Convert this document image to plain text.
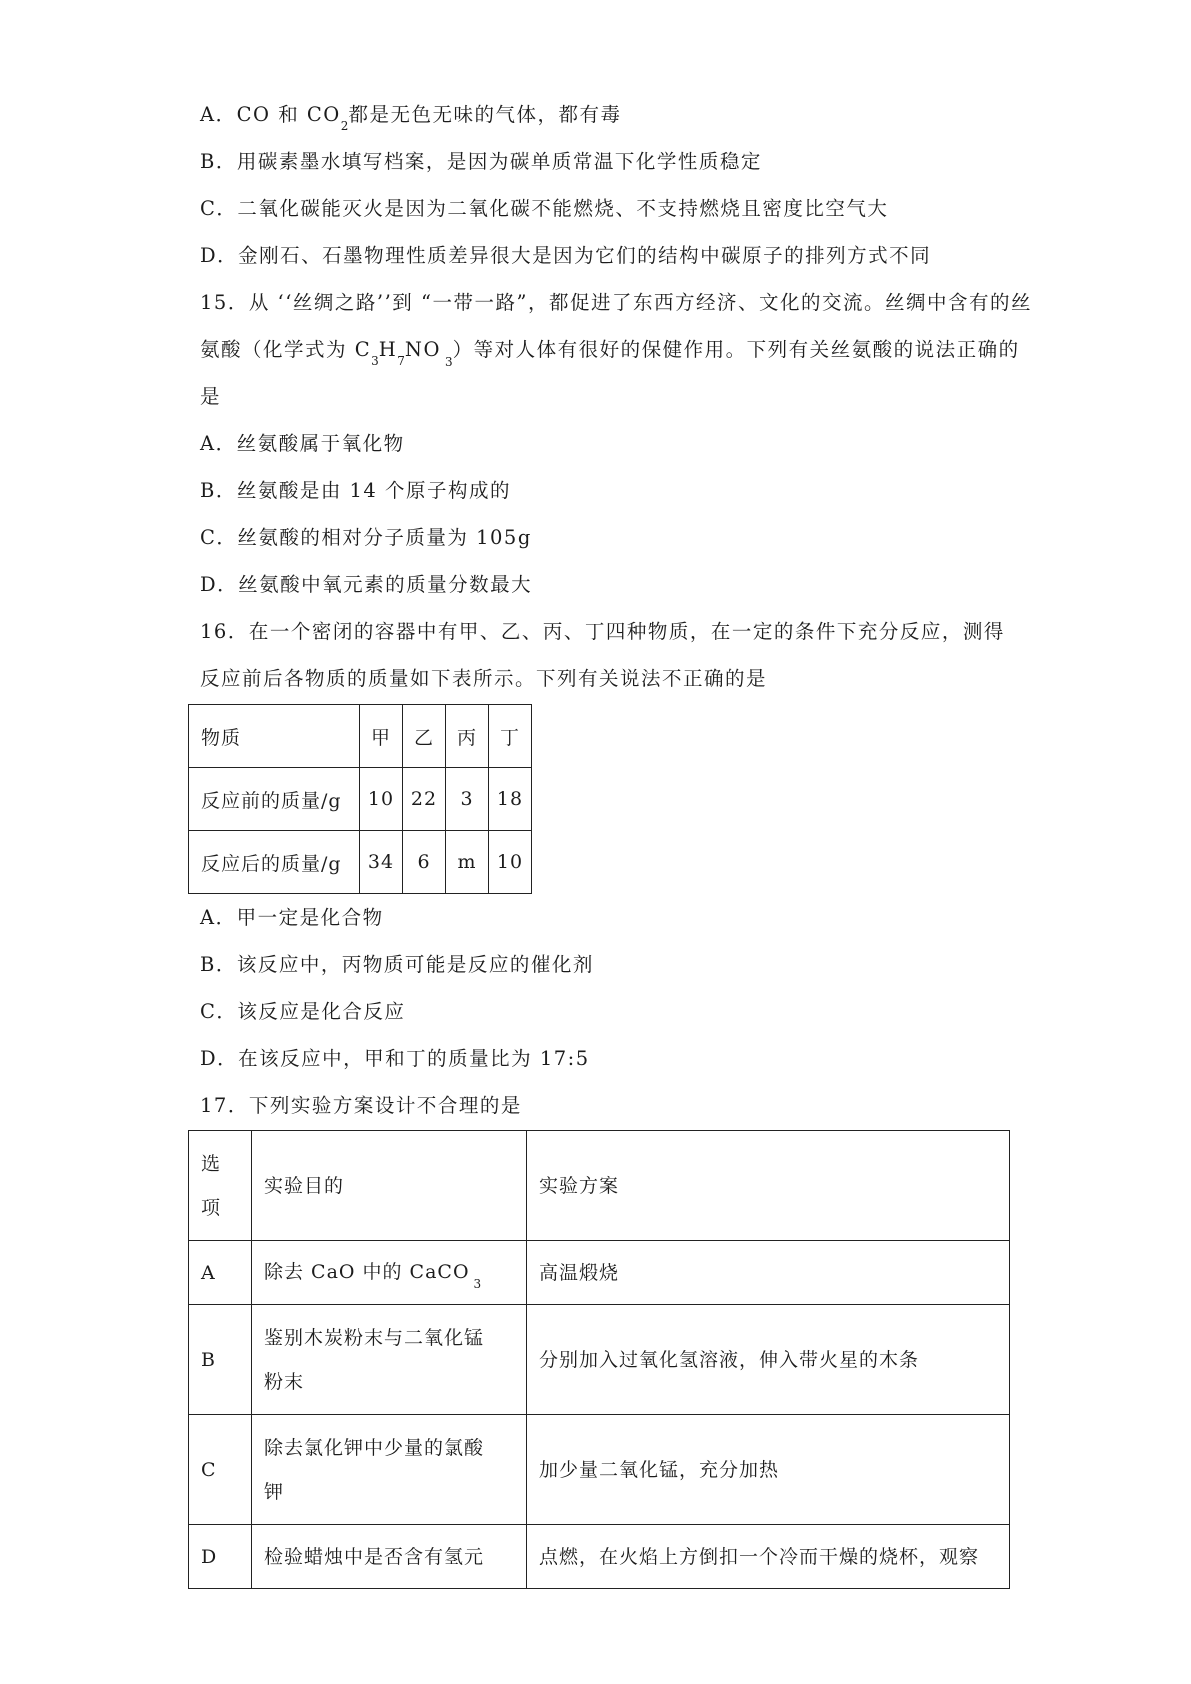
A．CO 和 $CO_2$都是无色无味的气体，都有毒
B．用碳素墨水填写档案，是因为碳单质常温下化学性质稳定
C．二氧化碳能灭火是因为二氧化碳不能燃烧、不支持燃烧且密度比空气大
D．金刚石、石墨物理性质差异很大是因为它们的结构中碳原子的排列方式不同
15．从 ‘‘丝绸之路’’到 “一带一路”，都促进了东西方经济、文化的交流。丝绸中含有的丝
氨酸（化学式为 $C_3H_7NO_3$）等对人体有很好的保健作用。下列有关丝氨酸的说法正确的
是
A．丝氨酸属于氧化物
B．丝氨酸是由 14 个原子构成的
C．丝氨酸的相对分子质量为 105g
D．丝氨酸中氧元素的质量分数最大
16．在一个密闭的容器中有甲、乙、丙、丁四种物质，在一定的条件下充分反应，测得
反应前后各物质的质量如下表所示。下列有关说法不正确的是
物质	甲	乙	丙	丁
反应前的质量/g	10	22	3	18
反应后的质量/g	34	6	m	10
A．甲一定是化合物
B．该反应中，丙物质可能是反应的催化剂
C．该反应是化合反应
D．在该反应中，甲和丁的质量比为 17:5
17．下列实验方案设计不合理的是
选
项	实验目的	实验方案
A	除去 CaO 中的 CaCO$_3$	高温煅烧
B	鉴别木炭粉末与二氧化锰
粉末	分别加入过氧化氢溶液，伸入带火星的木条
C	除去氯化钾中少量的氯酸
钾	加少量二氧化锰，充分加热
D	检验蜡烛中是否含有氢元	点燃，在火焰上方倒扣一个冷而干燥的烧杯，观察
